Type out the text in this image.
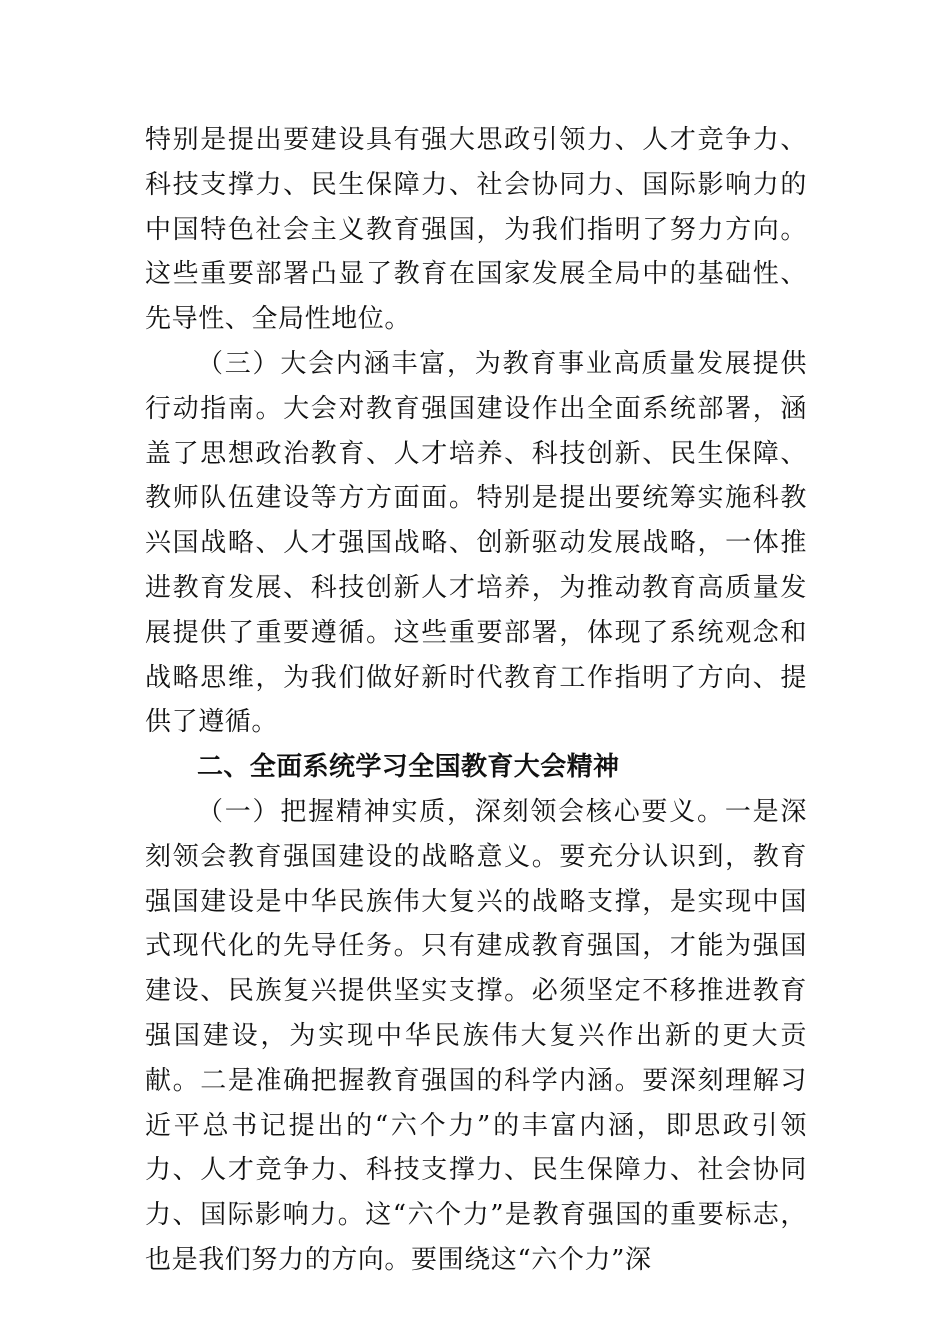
特别是提出要建设具有强大思政引领力、人才竞争力、科技支撑力、民生保障力、社会协同力、国际影响力的中国特色社会主义教育强国，为我们指明了努力方向。这些重要部署凸显了教育在国家发展全局中的基础性、先导性、全局性地位。

（三）大会内涵丰富，为教育事业高质量发展提供行动指南。大会对教育强国建设作出全面系统部署，涵盖了思想政治教育、人才培养、科技创新、民生保障、教师队伍建设等方方面面。特别是提出要统筹实施科教兴国战略、人才强国战略、创新驱动发展战略，一体推进教育发展、科技创新人才培养，为推动教育高质量发展提供了重要遵循。这些重要部署，体现了系统观念和战略思维，为我们做好新时代教育工作指明了方向、提供了遵循。

二、全面系统学习全国教育大会精神

（一）把握精神实质，深刻领会核心要义。一是深刻领会教育强国建设的战略意义。要充分认识到，教育强国建设是中华民族伟大复兴的战略支撑，是实现中国式现代化的先导任务。只有建成教育强国，才能为强国建设、民族复兴提供坚实支撑。必须坚定不移推进教育强国建设，为实现中华民族伟大复兴作出新的更大贡献。二是准确把握教育强国的科学内涵。要深刻理解习近平总书记提出的“六个力”的丰富内涵，即思政引领力、人才竞争力、科技支撑力、民生保障力、社会协同力、国际影响力。这“六个力”是教育强国的重要标志，也是我们努力的方向。要围绕这“六个力”深
